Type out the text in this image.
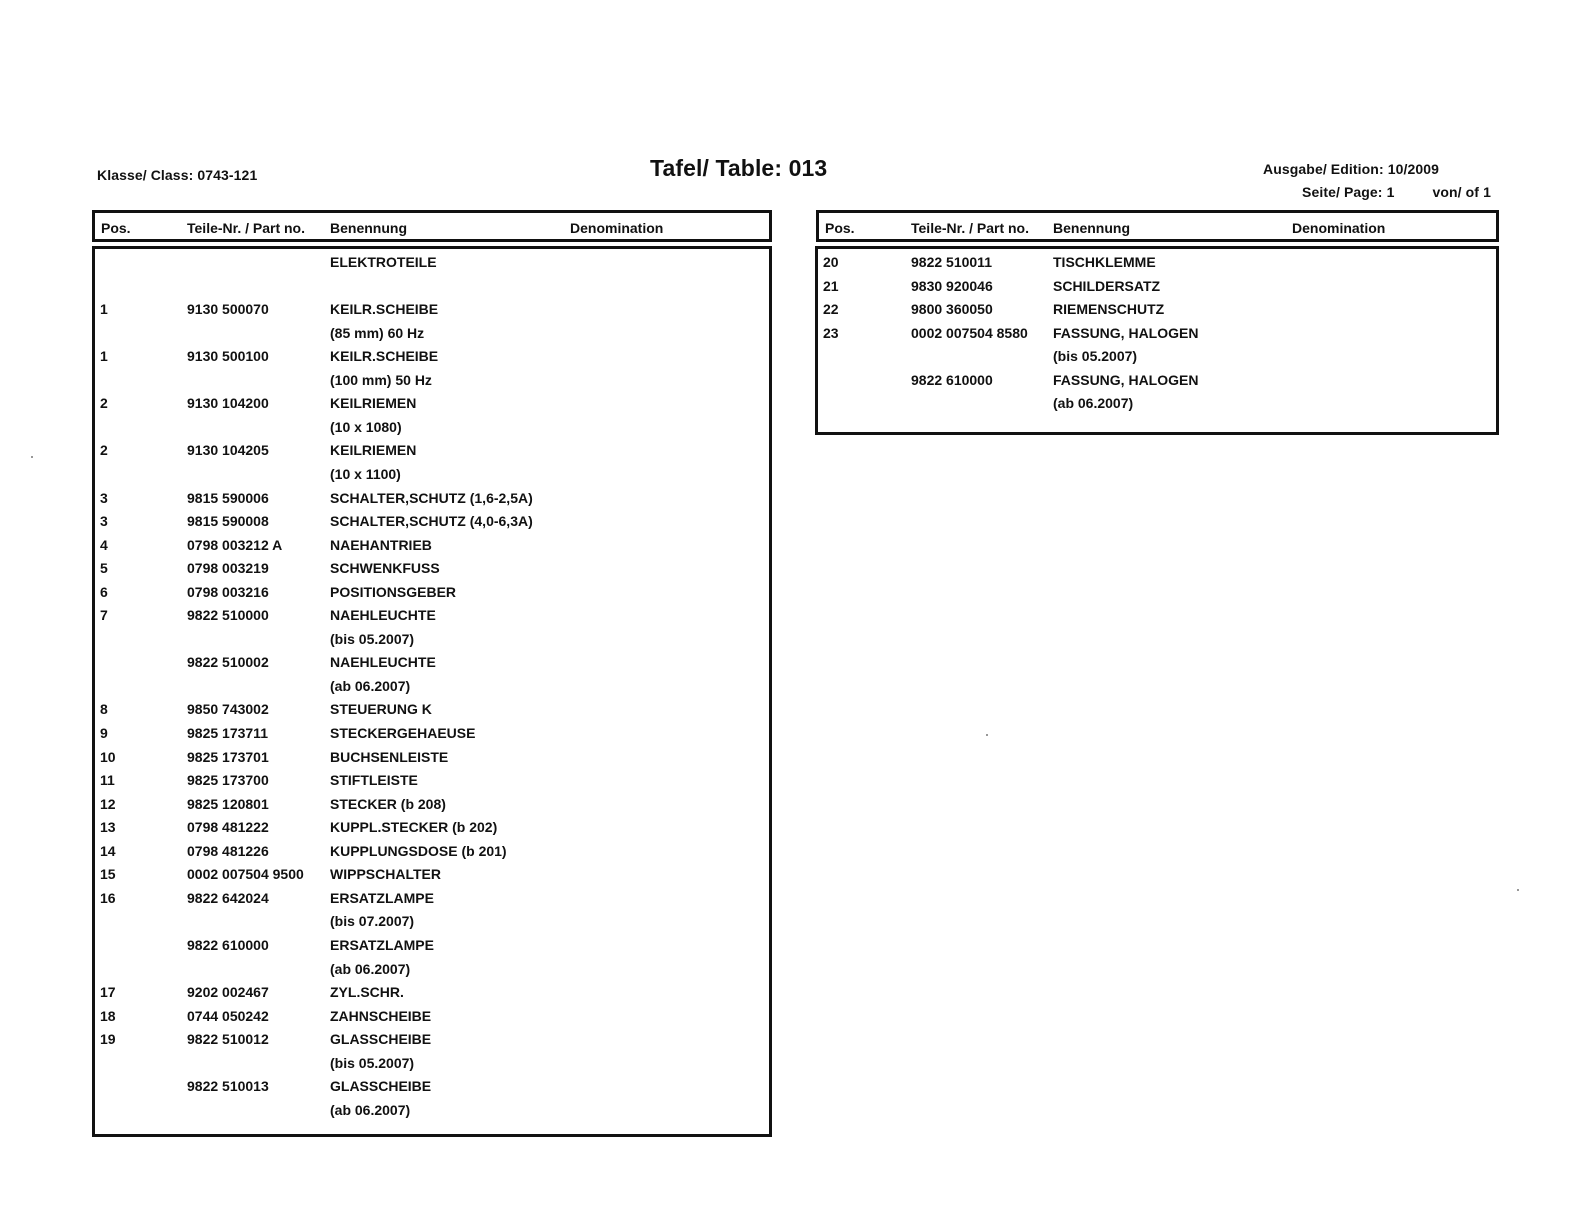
Klasse/ Class: 0743-121	Tafel/ Table: 013	Ausgabe/ Edition: 10/2009
Seite/ Page: 1	von/ of 1
Pos.	Teile-Nr. / Part no. Benennung	Denomination
ELEKTROTEILE
1	9130 500070	KEILR.SCHEIBE
(85 mm) 60 Hz
1	9130 500100	KEILR.SCHEIBE
(100 mm) 50 Hz
2	9130 104200	KEILRIEMEN
(10 x 1080)
2	9130 104205	KEILRIEMEN
(10 x 1100)
3	9815 590006	SCHALTER,SCHUTZ (1,6-2,5A)
3	9815 590008	SCHALTER,SCHUTZ (4,0-6,3A)
4	0798 003212 A	NAEHANTRIEB
5	0798 003219	SCHWENKFUSS
6	0798 003216	POSITIONSGEBER
7	9822 510000	NAEHLEUCHTE
(bis 05.2007)
9822 510002	NAEHLEUCHTE
(ab 06.2007)
8	9850 743002	STEUERUNG K
9	9825 173711	STECKERGEHAEUSE
10	9825 173701	BUCHSENLEISTE
11	9825 173700	STIFTLEISTE
12	9825 120801	STECKER (b 208)
13	0798 481222	KUPPL.STECKER (b 202)
14	0798 481226	KUPPLUNGSDOSE (b 201)
15	0002 007504 9500 WIPPSCHALTER
16	9822 642024	ERSATZLAMPE
(bis 07.2007)
9822 610000	ERSATZLAMPE
(ab 06.2007)
17	9202 002467	ZYL.SCHR.
18	0744 050242	ZAHNSCHEIBE
19	9822 510012	GLASSCHEIBE
(bis 05.2007)
9822 510013	GLASSCHEIBE
(ab 06.2007)
Pos.	Teile-Nr. / Part no. Benennung	Denomination
20	9822 510011	TISCHKLEMME
21	9830 920046	SCHILDERSATZ
22	9800 360050	RIEMENSCHUTZ
23	0002 007504 8580 FASSUNG, HALOGEN
(bis 05.2007)
9822 610000	FASSUNG, HALOGEN
(ab 06.2007)
